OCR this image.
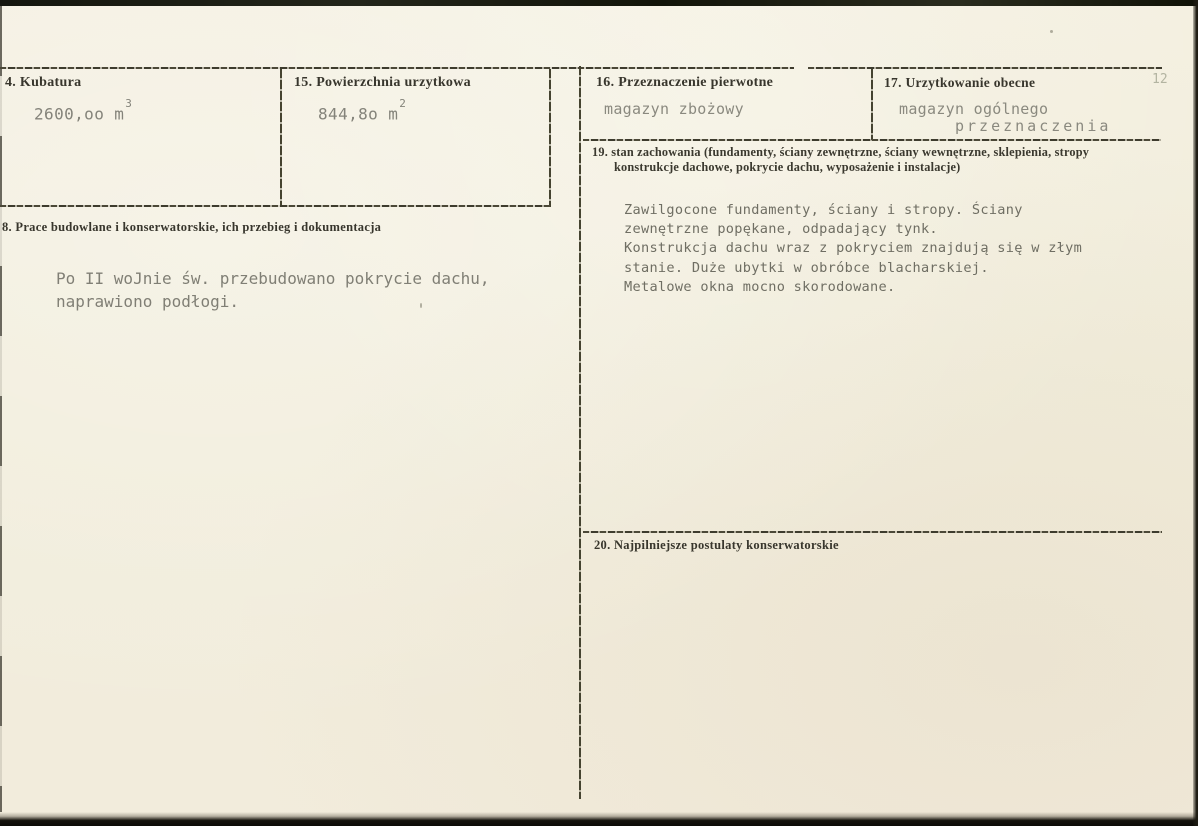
4. Kubatura
2600,oo $m^3$
15. Powierzchnia urzytkowa
844,8o $m^2$
16. Przeznaczenie pierwotne
magazyn zbożowy
17. Urzytkowanie obecne
magazyn ogólnego
przeznaczenia
8. Prace budowlane i konserwatorskie, ich przebieg i dokumentacja
Po II woJnie św. przebudowano pokrycie dachu,
naprawiono podłogi.
19. stan zachowania (fundamenty, ściany zewnętrzne, ściany wewnętrzne, sklepienia, stropy
konstrukcje dachowe, pokrycie dachu, wyposażenie i instalacje)
Zawilgocone fundamenty, ściany i stropy. Ściany
zewnętrzne popękane, odpadający tynk.
Konstrukcja dachu wraz z pokryciem znajdują się w złym
stanie. Duże ubytki w obróbce blacharskiej.
Metalowe okna mocno skorodowane.
20. Najpilniejsze postulaty konserwatorskie
12
